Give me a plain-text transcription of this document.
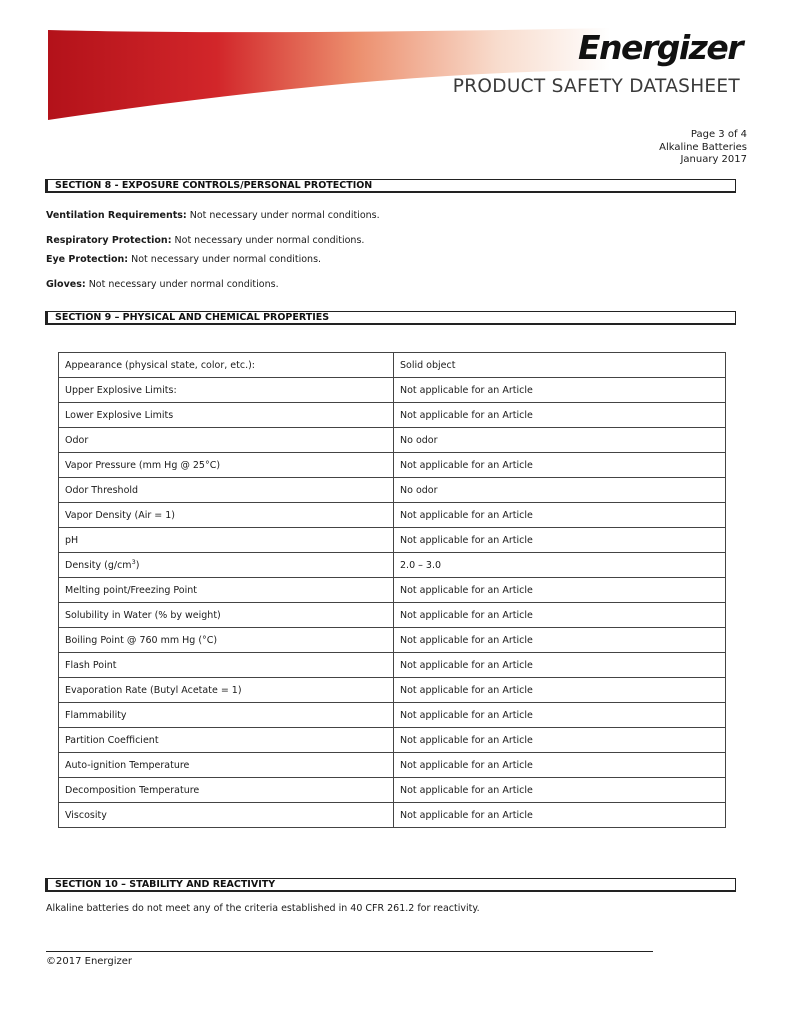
Energizer
PRODUCT SAFETY DATASHEET
Page 3 of 4
Alkaline Batteries
January 2017
SECTION 8 - EXPOSURE CONTROLS/PERSONAL PROTECTION
Ventilation Requirements: Not necessary under normal conditions.
Respiratory Protection: Not necessary under normal conditions.
Eye Protection: Not necessary under normal conditions.
Gloves: Not necessary under normal conditions.
SECTION 9 – PHYSICAL AND CHEMICAL PROPERTIES
Appearance (physical state, color, etc.):	Solid object
Upper Explosive Limits:	Not applicable for an Article
Lower Explosive Limits	Not applicable for an Article
Odor	No odor
Vapor Pressure (mm Hg @ 25°C)	Not applicable for an Article
Odor Threshold	No odor
Vapor Density (Air = 1)	Not applicable for an Article
pH	Not applicable for an Article
Density $(g/cm^3)$	2.0 – 3.0
Melting point/Freezing Point	Not applicable for an Article
Solubility in Water (% by weight)	Not applicable for an Article
Boiling Point @ 760 mm Hg (°C)	Not applicable for an Article
Flash Point	Not applicable for an Article
Evaporation Rate (Butyl Acetate = 1)	Not applicable for an Article
Flammability	Not applicable for an Article
Partition Coefficient	Not applicable for an Article
Auto-ignition Temperature	Not applicable for an Article
Decomposition Temperature	Not applicable for an Article
Viscosity	Not applicable for an Article
SECTION 10 – STABILITY AND REACTIVITY
Alkaline batteries do not meet any of the criteria established in 40 CFR 261.2 for reactivity.
©2017 Energizer
